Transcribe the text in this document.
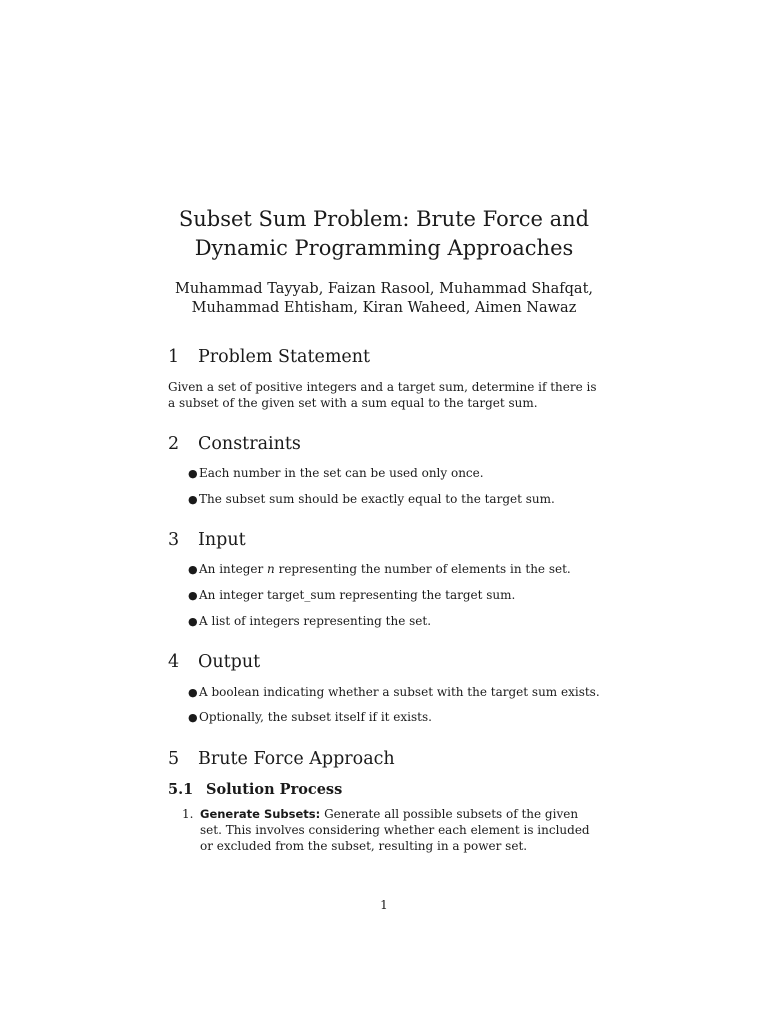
Subset Sum Problem: Brute Force and Dynamic Programming Approaches
Muhammad Tayyab, Faizan Rasool, Muhammad Shafqat,
Muhammad Ehtisham, Kiran Waheed, Aimen Nawaz
1 Problem Statement

Given a set of positive integers and a target sum, determine if there is a subset of the given set with a sum equal to the target sum.

2 Constraints
●Each number in the set can be used only once.
●The subset sum should be exactly equal to the target sum.
3 Input
●An integer n representing the number of elements in the set.
●An integer target_sum representing the target sum.
●A list of integers representing the set.
4 Output
●A boolean indicating whether a subset with the target sum exists.
●Optionally, the subset itself if it exists.
5 Brute Force Approach
5.1 Solution Process
1. Generate Subsets: Generate all possible subsets of the given set. This involves considering whether each element is included or excluded from the subset, resulting in a power set.
1
